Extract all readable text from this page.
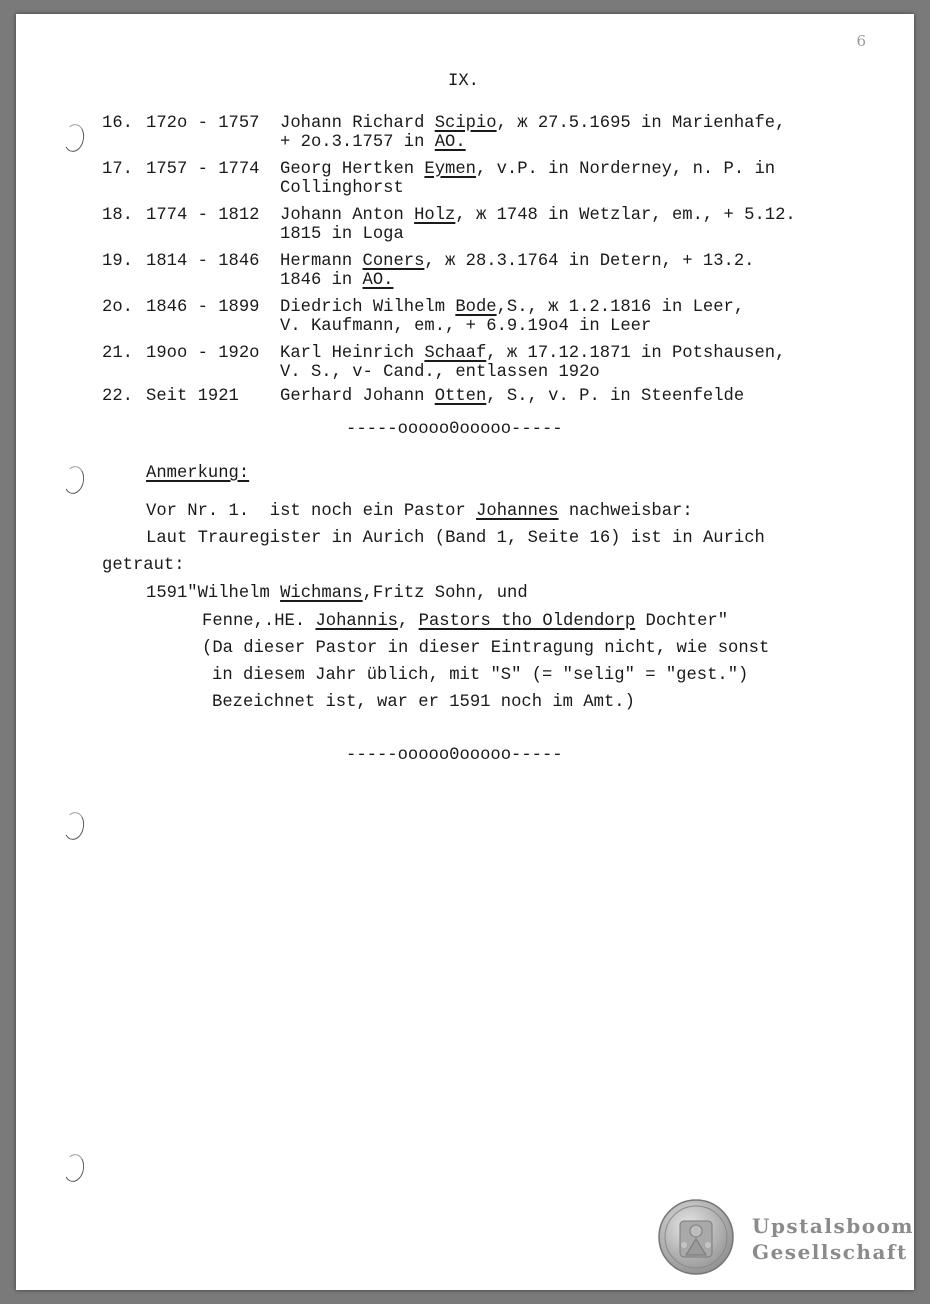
6
IX.
16. 172o - 1757 Johann Richard Scipio, ж 27.5.1695 in Marienhafe,
+ 2o.3.1757 in AO.
17. 1757 - 1774 Georg Hertken Eymen, v.P. in Norderney, n. P. in
Collinghorst
18. 1774 - 1812 Johann Anton Holz, ж 1748 in Wetzlar, em., + 5.12.
1815 in Loga
19. 1814 - 1846 Hermann Coners, ж 28.3.1764 in Detern, + 13.2.
1846 in AO.
2o. 1846 - 1899 Diedrich Wilhelm Bode,S., ж 1.2.1816 in Leer,
V. Kaufmann, em., + 6.9.19o4 in Leer
21. 19oo - 192o Karl Heinrich Schaaf, ж 17.12.1871 in Potshausen,
V. S., v- Cand., entlassen 192o
22. Seit 1921 Gerhard Johann Otten, S., v. P. in Steenfelde
-----ooooo0ooooo-----
Anmerkung:
Vor Nr. 1.  ist noch ein Pastor Johannes nachweisbar:
Laut Trauregister in Aurich (Band 1, Seite 16) ist in Aurich
getraut:
1591"Wilhelm Wichmans,Fritz Sohn, und
Fenne,.HE. Johannis, Pastors tho Oldendorp Dochter"
(Da dieser Pastor in dieser Eintragung nicht, wie sonst
in diesem Jahr üblich, mit "S" (= "selig" = "gest.")
Bezeichnet ist, war er 1591 noch im Amt.)
-----ooooo0ooooo-----
Upstalsboom
Gesellschaft
